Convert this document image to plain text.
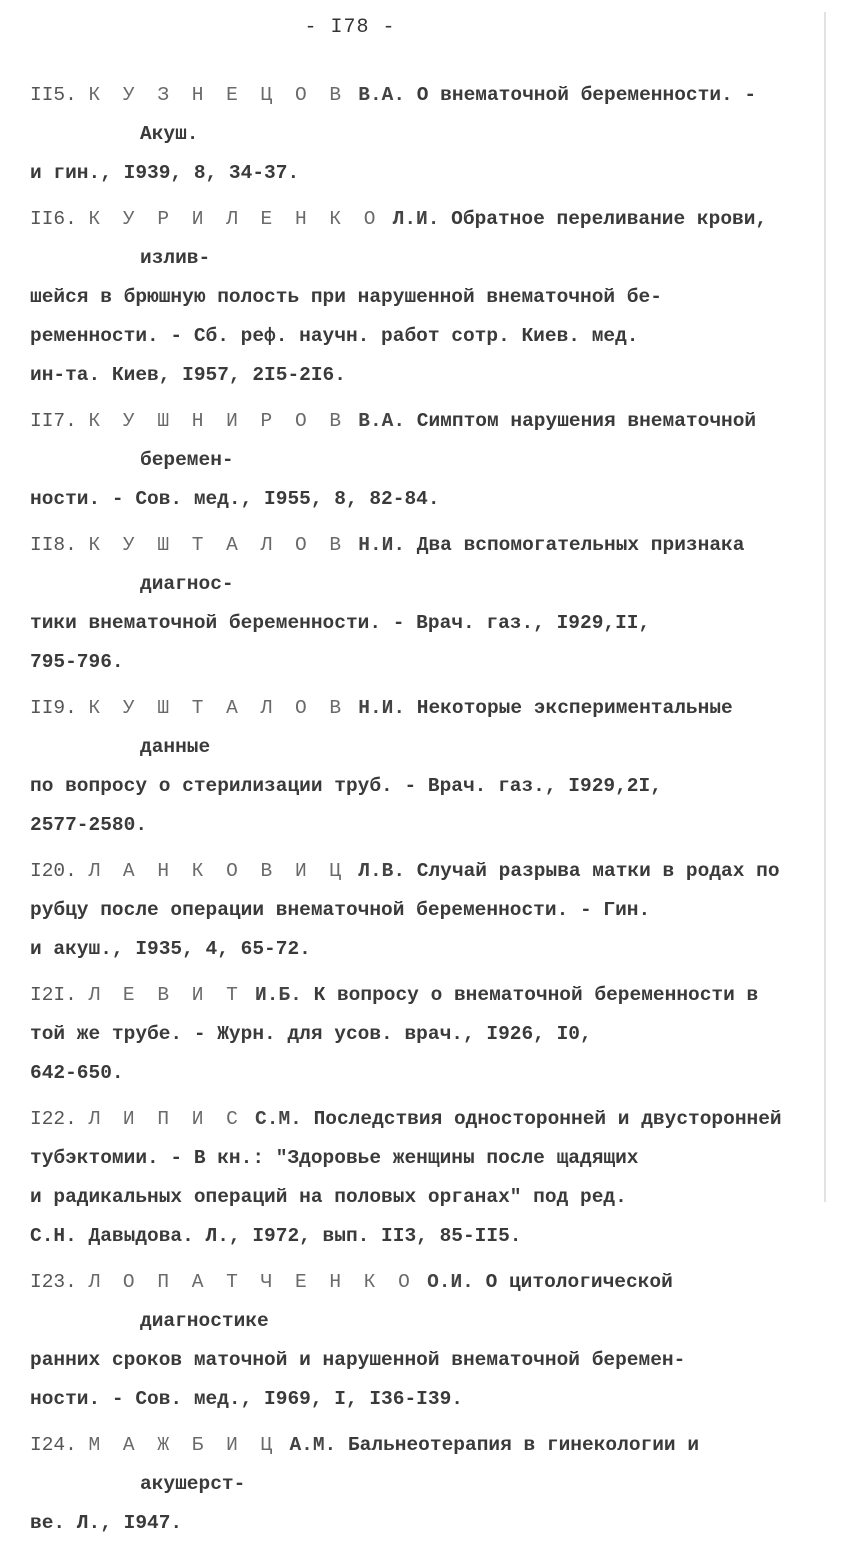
- I78 -
II5. К У З Н Е Ц О В В.А. О внематочной беременности. - Акуш.
и гин., I939, 8, 34-37.
II6. К У Р И Л Е Н К О Л.И. Обратное переливание крови, излив-
шейся в брюшную полость при нарушенной внематочной бе-
ременности. - Сб. реф. научн. работ сотр. Киев. мед.
ин-та. Киев, I957, 2I5-2I6.
II7. К У Ш Н И Р О В В.А. Симптом нарушения внематочной беремен-
ности. - Сов. мед., I955, 8, 82-84.
II8. К У Ш Т А Л О В Н.И. Два вспомогательных признака диагнос-
тики внематочной беременности. - Врач. газ., I929,II,
795-796.
II9. К У Ш Т А Л О В Н.И. Некоторые экспериментальные данные
по вопросу о стерилизации труб. - Врач. газ., I929,2I,
2577-2580.
I20. Л А Н К О В И Ц Л.В. Случай разрыва матки в родах по
рубцу после операции внематочной беременности. - Гин.
и акуш., I935, 4, 65-72.
I2I. Л Е В И Т И.Б. К вопросу о внематочной беременности в
той же трубе. - Журн. для усов. врач., I926, I0,
642-650.
I22. Л И П И С С.М. Последствия односторонней и двусторонней
тубэктомии. - В кн.: "Здоровье женщины после щадящих
и радикальных операций на половых органах" под ред.
С.Н. Давыдова. Л., I972, вып. II3, 85-II5.
I23. Л О П А Т Ч Е Н К О О.И. О цитологической диагностике
ранних сроков маточной и нарушенной внематочной беремен-
ности. - Сов. мед., I969, I, I36-I39.
I24. М А Ж Б И Ц А.М. Бальнеотерапия в гинекологии и акушерст-
ве. Л., I947.
